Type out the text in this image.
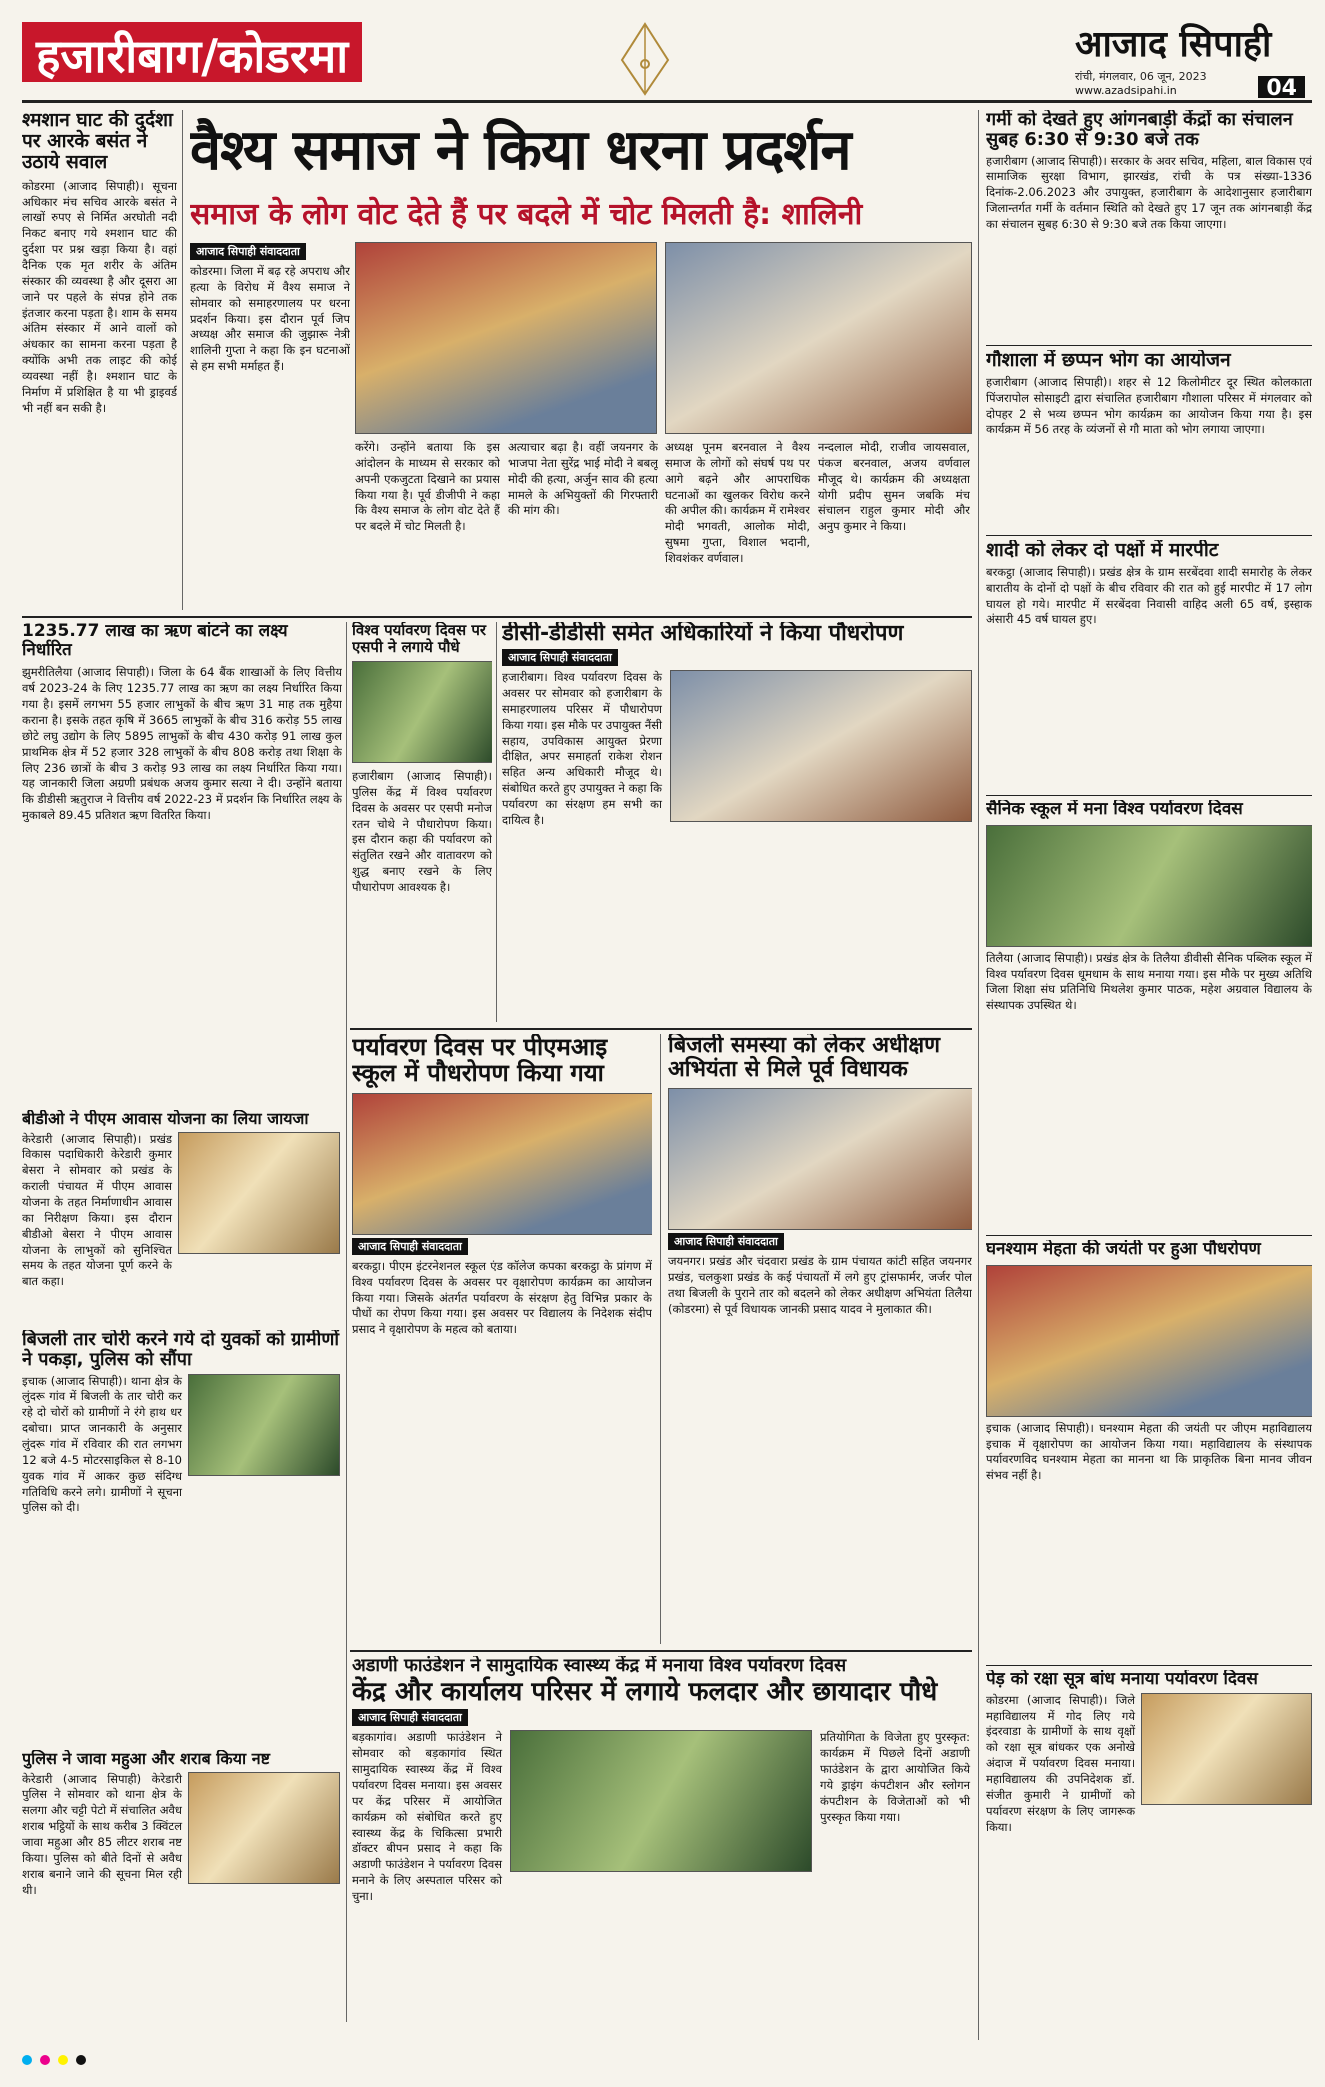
हजारीबाग/कोडरमा	आजाद सिपाही
रांची, मंगलवार, 06 जून, 2023
www.azadsipahi.in	04
श्मशान घाट की दुर्दशा पर आरके बसंत ने उठाये सवाल
कोडरमा (आजाद सिपाही)। सूचना अधिकार मंच सचिव आरके बसंत ने लाखों रुपए से निर्मित अरघोती नदी निकट बनाए गये श्मशान घाट की दुर्दशा पर प्रश्न खड़ा किया है। वहां दैनिक एक मृत शरीर के अंतिम संस्कार की व्यवस्था है और दूसरा आ जाने पर पहले के संपन्न होने तक इंतजार करना पड़ता है। शाम के समय अंतिम संस्कार में आने वालों को अंधकार का सामना करना पड़ता है क्योंकि अभी तक लाइट की कोई व्यवस्था नहीं है। श्मशान घाट के निर्माण में प्रशिक्षित है या भी ड्राइवर्ड भी नहीं बन सकी है।
वैश्य समाज ने किया धरना प्रदर्शन
समाज के लोग वोट देते हैं पर बदले में चोट मिलती है: शालिनी
आजाद सिपाही संवाददाता
कोडरमा। जिला में बढ़ रहे अपराध और हत्या के विरोध में वैश्य समाज ने सोमवार को समाहरणालय पर धरना प्रदर्शन किया। इस दौरान पूर्व जिप अध्यक्ष और समाज की जुझारू नेत्री शालिनी गुप्ता ने कहा कि इन घटनाओं से हम सभी मर्माहत हैं।
करेंगे। उन्होंने बताया कि इस आंदोलन के माध्यम से सरकार को अपनी एकजुटता दिखाने का प्रयास किया गया है। पूर्व डीजीपी ने कहा कि वैश्य समाज के लोग वोट देते हैं पर बदले में चोट मिलती है।
अत्याचार बढ़ा है। वहीं जयनगर के भाजपा नेता सुरेंद्र भाई मोदी ने बबलू मोदी की हत्या, अर्जुन साव की हत्या मामले के अभियुक्तों की गिरफ्तारी की मांग की।
अध्यक्ष पूनम बरनवाल ने वैश्य समाज के लोगों को संघर्ष पथ पर आगे बढ़ने और आपराधिक घटनाओं का खुलकर विरोध करने की अपील की। कार्यक्रम में रामेश्वर मोदी भगवती, आलोक मोदी, सुषमा गुप्ता, विशाल भदानी, शिवशंकर वर्णवाल।
नन्दलाल मोदी, राजीव जायसवाल, पंकज बरनवाल, अजय वर्णवाल मौजूद थे। कार्यक्रम की अध्यक्षता योगी प्रदीप सुमन जबकि मंच संचालन राहुल कुमार मोदी और अनुप कुमार ने किया।
1235.77 लाख का ऋण बांटने का लक्ष्य निर्धारित
झुमरीतिलैया (आजाद सिपाही)। जिला के 64 बैंक शाखाओं के लिए वित्तीय वर्ष 2023-24 के लिए 1235.77 लाख का ऋण का लक्ष्य निर्धारित किया गया है। इसमें लगभग 55 हजार लाभुकों के बीच ऋण 31 माह तक मुहैया कराना है। इसके तहत कृषि में 3665 लाभुकों के बीच 316 करोड़ 55 लाख छोटे लघु उद्योग के लिए 5895 लाभुकों के बीच 430 करोड़ 91 लाख कुल प्राथमिक क्षेत्र में 52 हजार 328 लाभुकों के बीच 808 करोड़ तथा शिक्षा के लिए 236 छात्रों के बीच 3 करोड़ 93 लाख का लक्ष्य निर्धारित किया गया। यह जानकारी जिला अग्रणी प्रबंधक अजय कुमार सत्या ने दी। उन्होंने बताया कि डीडीसी ऋतुराज ने वित्तीय वर्ष 2022-23 में प्रदर्शन कि निर्धारित लक्ष्य के मुकाबले 89.45 प्रतिशत ऋण वितरित किया।
विश्व पर्यावरण दिवस पर एसपी ने लगाये पौधे
हजारीबाग (आजाद सिपाही)। पुलिस केंद्र में विश्व पर्यावरण दिवस के अवसर पर एसपी मनोज रतन चोथे ने पौधारोपण किया। इस दौरान कहा की पर्यावरण को संतुलित रखने और वातावरण को शुद्ध बनाए रखने के लिए पौधारोपण आवश्यक है।
डीसी-डीडीसी समेत अधिकारियों ने किया पौधरोपण
आजाद सिपाही संवाददाता
हजारीबाग। विश्व पर्यावरण दिवस के अवसर पर सोमवार को हजारीबाग के समाहरणालय परिसर में पौधारोपण किया गया। इस मौके पर उपायुक्त नैंसी सहाय, उपविकास आयुक्त प्रेरणा दीक्षित, अपर समाहर्ता राकेश रोशन सहित अन्य अधिकारी मौजूद थे। संबोधित करते हुए उपायुक्त ने कहा कि पर्यावरण का संरक्षण हम सभी का दायित्व है।
बीडीओ ने पीएम आवास योजना का लिया जायजा
केरेडारी (आजाद सिपाही)। प्रखंड विकास पदाधिकारी केरेडारी कुमार बेसरा ने सोमवार को प्रखंड के कराली पंचायत में पीएम आवास योजना के तहत निर्माणाधीन आवास का निरीक्षण किया। इस दौरान बीडीओ बेसरा ने पीएम आवास योजना के लाभुकों को सुनिश्चित समय के तहत योजना पूर्ण करने के बात कहा।
बिजली तार चोरी करने गये दो युवकों को ग्रामीणों ने पकड़ा, पुलिस को सौंपा
इचाक (आजाद सिपाही)। थाना क्षेत्र के लुंदरू गांव में बिजली के तार चोरी कर रहे दो चोरों को ग्रामीणों ने रंगे हाथ धर दबोचा। प्राप्त जानकारी के अनुसार लुंदरू गांव में रविवार की रात लगभग 12 बजे 4-5 मोटरसाइकिल से 8-10 युवक गांव में आकर कुछ संदिग्ध गतिविधि करने लगे। ग्रामीणों ने सूचना पुलिस को दी।
पुलिस ने जावा महुआ और शराब किया नष्ट
केरेडारी (आजाद सिपाही) केरेडारी पुलिस ने सोमवार को थाना क्षेत्र के सलगा और चट्टी पेटो में संचालित अवैध शराब भट्ठियों के साथ करीब 3 क्विंटल जावा महुआ और 85 लीटर शराब नष्ट किया। पुलिस को बीते दिनों से अवैध शराब बनाने जाने की सूचना मिल रही थी।
पर्यावरण दिवस पर पीएमआइ स्कूल में पौधरोपण किया गया
आजाद सिपाही संवाददाता
बरकट्ठा। पीएम इंटरनेशनल स्कूल एंड कॉलेज कपका बरकट्ठा के प्रांगण में विश्व पर्यावरण दिवस के अवसर पर वृक्षारोपण कार्यक्रम का आयोजन किया गया। जिसके अंतर्गत पर्यावरण के संरक्षण हेतु विभिन्न प्रकार के पौधों का रोपण किया गया। इस अवसर पर विद्यालय के निदेशक संदीप प्रसाद ने वृक्षारोपण के महत्व को बताया।
बिजली समस्या को लेकर अधीक्षण अभियंता से मिले पूर्व विधायक
आजाद सिपाही संवाददाता
जयनगर। प्रखंड और चंदवारा प्रखंड के ग्राम पंचायत कांटी सहित जयनगर प्रखंड, चलकुशा प्रखंड के कई पंचायतों में लगे हुए ट्रांसफार्मर, जर्जर पोल तथा बिजली के पुराने तार को बदलने को लेकर अधीक्षण अभियंता तिलैया (कोडरमा) से पूर्व विधायक जानकी प्रसाद यादव ने मुलाकात की।
अडाणी फाउंडेशन ने सामुदायिक स्वास्थ्य केंद्र में मनाया विश्व पर्यावरण दिवस
केंद्र और कार्यालय परिसर में लगाये फलदार और छायादार पौधे
आजाद सिपाही संवाददाता
बड़कागांव। अडाणी फाउंडेशन ने सोमवार को बड़कागांव स्थित सामुदायिक स्वास्थ्य केंद्र में विश्व पर्यावरण दिवस मनाया। इस अवसर पर केंद्र परिसर में आयोजित कार्यक्रम को संबोधित करते हुए स्वास्थ्य केंद्र के चिकित्सा प्रभारी डॉक्टर बीपन प्रसाद ने कहा कि अडाणी फाउंडेशन ने पर्यावरण दिवस मनाने के लिए अस्पताल परिसर को चुना।
प्रतियोगिता के विजेता हुए पुरस्कृत: कार्यक्रम में पिछले दिनों अडाणी फाउंडेशन के द्वारा आयोजित किये गये ड्राइंग कंपटीशन और स्लोगन कंपटीशन के विजेताओं को भी पुरस्कृत किया गया।
गर्मी को देखते हुए आंगनबाड़ी केंद्रों का संचालन सुबह 6:30 से 9:30 बजे तक
हजारीबाग (आजाद सिपाही)। सरकार के अवर सचिव, महिला, बाल विकास एवं सामाजिक सुरक्षा विभाग, झारखंड, रांची के पत्र संख्या-1336 दिनांक-2.06.2023 और उपायुक्त, हजारीबाग के आदेशानुसार हजारीबाग जिलान्तर्गत गर्मी के वर्तमान स्थिति को देखते हुए 17 जून तक आंगनबाड़ी केंद्र का संचालन सुबह 6:30 से 9:30 बजे तक किया जाएगा।
गौशाला में छप्पन भोग का आयोजन
हजारीबाग (आजाद सिपाही)। शहर से 12 किलोमीटर दूर स्थित कोलकाता पिंजरापोल सोसाइटी द्वारा संचालित हजारीबाग गौशाला परिसर में मंगलवार को दोपहर 2 से भव्य छप्पन भोग कार्यक्रम का आयोजन किया गया है। इस कार्यक्रम में 56 तरह के व्यंजनों से गौ माता को भोग लगाया जाएगा।
शादी को लेकर दो पक्षों में मारपीट
बरकट्ठा (आजाद सिपाही)। प्रखंड क्षेत्र के ग्राम सरबेंदवा शादी समारोह के लेकर बारातीय के दोनों दो पक्षों के बीच रविवार की रात को हुई मारपीट में 17 लोग घायल हो गये। मारपीट में सरबेंदवा निवासी वाहिद अली 65 वर्ष, इस्हाक अंसारी 45 वर्ष घायल हुए।
सैनिक स्कूल में मना विश्व पर्यावरण दिवस
तिलैया (आजाद सिपाही)। प्रखंड क्षेत्र के तिलैया डीवीसी सैनिक पब्लिक स्कूल में विश्व पर्यावरण दिवस धूमधाम के साथ मनाया गया। इस मौके पर मुख्य अतिथि जिला शिक्षा संघ प्रतिनिधि मिथलेश कुमार पाठक, महेश अग्रवाल विद्यालय के संस्थापक उपस्थित थे।
घनश्याम मेहता की जयंती पर हुआ पौधरोपण
इचाक (आजाद सिपाही)। घनश्याम मेहता की जयंती पर जीएम महाविद्यालय इचाक में वृक्षारोपण का आयोजन किया गया। महाविद्यालय के संस्थापक पर्यावरणविद घनश्याम मेहता का मानना था कि प्राकृतिक बिना मानव जीवन संभव नहीं है।
पेड़ को रक्षा सूत्र बांध मनाया पर्यावरण दिवस
कोडरमा (आजाद सिपाही)। जिले महाविद्यालय में गोद लिए गये इंदरवाडा के ग्रामीणों के साथ वृक्षों को रक्षा सूत्र बांधकर एक अनोखे अंदाज में पर्यावरण दिवस मनाया। महाविद्यालय की उपनिदेशक डॉ. संजीत कुमारी ने ग्रामीणों को पर्यावरण संरक्षण के लिए जागरूक किया।
